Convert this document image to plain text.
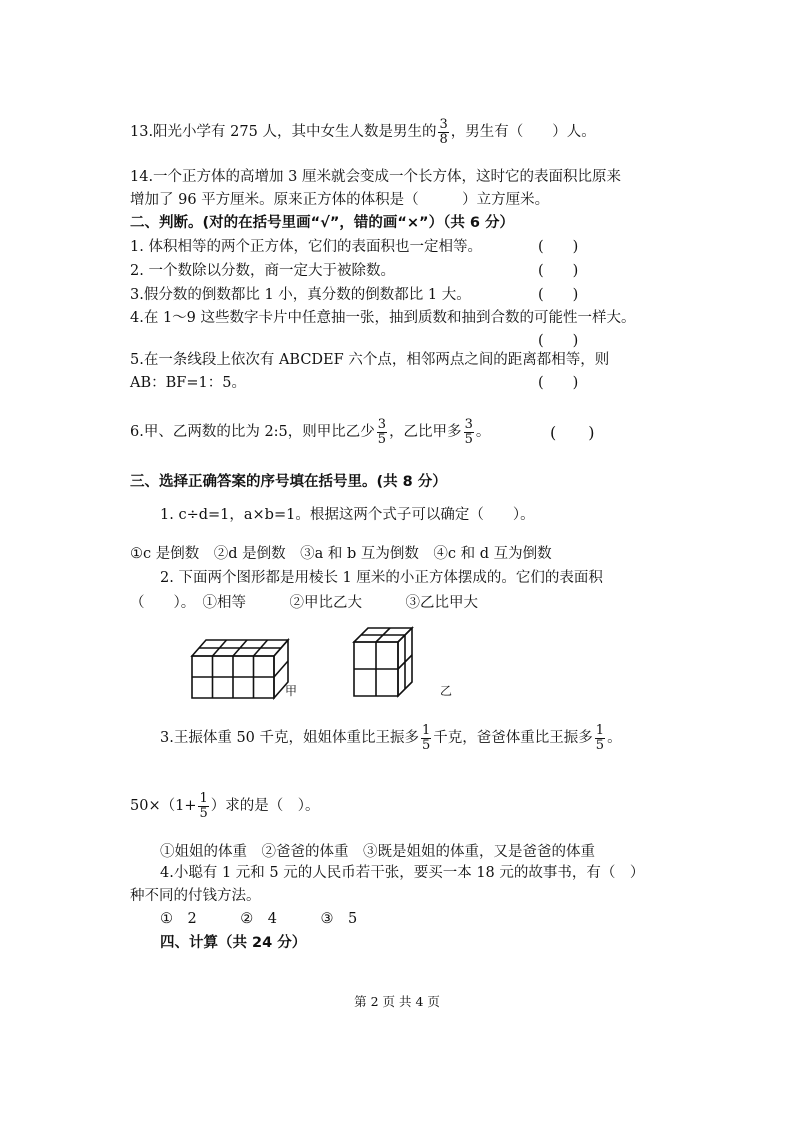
13.阳光小学有 275 人，其中女生人数是男生的 $\frac{3}{8}$ ，男生有（　　）人。
14.一个正方体的高增加 3 厘米就会变成一个长方体，这时它的表面积比原来
增加了 96 平方厘米。原来正方体的体积是（　　　）立方厘米。
二、判断。(对的在括号里画“√”，错的画“×”）（共 6 分）
1. 体积相等的两个正方体，它们的表面积也一定相等。	(　　)
2. 一个数除以分数，商一定大于被除数。	(　　)
3.假分数的倒数都比 1 小，真分数的倒数都比 1 大。	(　　)
4.在 1～9 这些数字卡片中任意抽一张，抽到质数和抽到合数的可能性一样大。
(　　)
5.在一条线段上依次有 ABCDEF 六个点，相邻两点之间的距离都相等，则
AB：BF=1：5。	(　　)
6.甲、乙两数的比为 2:5，则甲比乙少 $\frac{3}{5}$ ，乙比甲多 $\frac{3}{5}$ 。	(　　)
三、选择正确答案的序号填在括号里。(共 8 分）
1. c÷d=1，a×b=1。根据这两个式子可以确定（　　）。
①c 是倒数　②d 是倒数　③a 和 b 互为倒数　④c 和 d 互为倒数
2. 下面两个图形都是用棱长 1 厘米的小正方体摆成的。它们的表面积
（　　）。　①相等　　　②甲比乙大　　　③乙比甲大
甲	乙
3.王振体重 50 千克，姐姐体重比王振多 $\frac{1}{5}$ 千克，爸爸体重比王振多 $\frac{1}{5}$ 。
$50\times(1+ \frac{1}{5}$ ）求的是（　）。
①姐姐的体重　②爸爸的体重　③既是姐姐的体重，又是爸爸的体重
4.小聪有 1 元和 5 元的人民币若干张，要买一本 18 元的故事书，有（　）
种不同的付钱方法。
①　2　　　②　4　　　③　5
四、计算（共 24 分）
第 2 页 共 4 页
